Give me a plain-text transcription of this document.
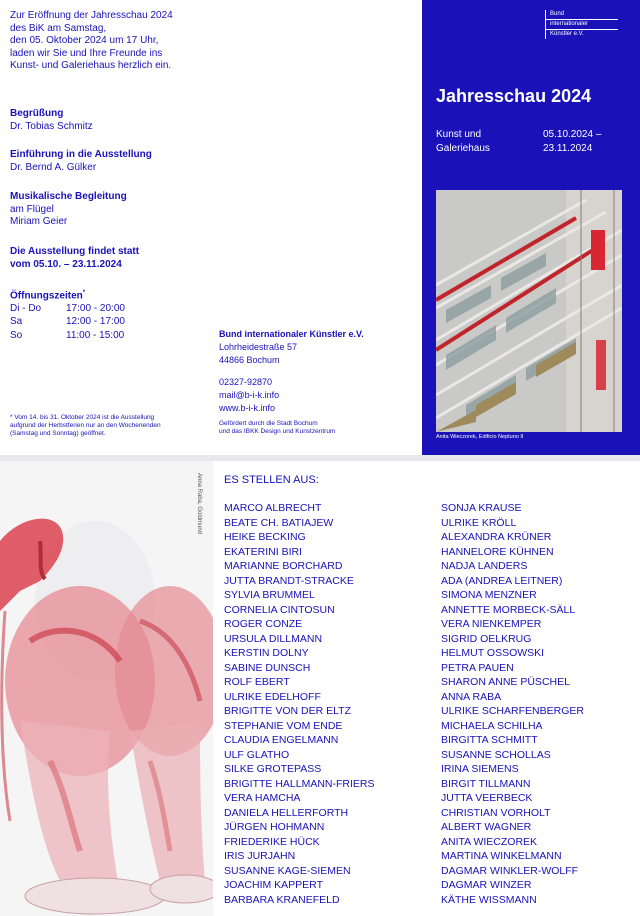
Zur Eröffnung der Jahresschau 2024
des BiK am Samstag,
den 05. Oktober 2024 um 17 Uhr,
laden wir Sie und Ihre Freunde ins
Kunst- und Galeriehaus herzlich ein.
Begrüßung
Dr. Tobias Schmitz
Einführung in die Ausstellung
Dr. Bernd A. Gülker
Musikalische Begleitung
am Flügel
Miriam Geier
Die Ausstellung findet statt
vom 05.10. – 23.11.2024
Öffnungszeiten*
Di - Do	17:00 - 20:00
Sa	12:00 - 17:00
So	11:00 - 15:00
* Vom 14. bis 31. Oktober 2024 ist die Ausstellung
aufgrund der Herbstferien nur an den Wochenenden
(Samstag und Sonntag) geöffnet.
Bund internationaler Künstler e.V.
Lohrheidestraße 57
44866 Bochum
02327-92870
mail@b-i-k.info
www.b-i-k.info
Gefördert durch die Stadt Bochum
und das IBKK Design und Kunstzentrum
Bund
internationaler
Künstler e.V.
Jahresschau 2024
Kunst und
Galeriehaus
05.10.2024 –
23.11.2024
Anita Wieczorek, Edificio Neptuno II
Anna Raba, Goldmund ES STELLEN AUS:
MARCO ALBRECHT
BEATE CH. BATIAJEW
HEIKE BECKING
EKATERINI BIRI
MARIANNE BORCHARD
JUTTA BRANDT-STRACKE
SYLVIA BRUMMEL
CORNELIA CINTOSUN
ROGER CONZE
URSULA DILLMANN
KERSTIN DOLNY
SABINE DUNSCH
ROLF EBERT
ULRIKE EDELHOFF
BRIGITTE VON DER ELTZ
STEPHANIE VOM ENDE
CLAUDIA ENGELMANN
ULF GLATHO
SILKE GROTEPASS
BRIGITTE HALLMANN-FRIERS
VERA HAMCHA
DANIELA HELLERFORTH
JÜRGEN HOHMANN
FRIEDERIKE HÜCK
IRIS JURJAHN
SUSANNE KAGE-SIEMEN
JOACHIM KAPPERT
BARBARA KRANEFELD
SONJA KRAUSE
ULRIKE KRÖLL
ALEXANDRA KRÜNER
HANNELORE KÜHNEN
NADJA LANDERS
ADA (ANDREA LEITNER)
SIMONA MENZNER
ANNETTE MORBECK-SÄLL
VERA NIENKEMPER
SIGRID OELKRUG
HELMUT OSSOWSKI
PETRA PAUEN
SHARON ANNE PÜSCHEL
ANNA RABA
ULRIKE SCHARFENBERGER
MICHAELA SCHILHA
BIRGITTA SCHMITT
SUSANNE SCHOLLAS
IRINA SIEMENS
BIRGIT TILLMANN
JUTTA VEERBECK
CHRISTIAN VORHOLT
ALBERT WAGNER
ANITA WIECZOREK
MARTINA WINKELMANN
DAGMAR WINKLER-WOLFF
DAGMAR WINZER
KÄTHE WISSMANN
